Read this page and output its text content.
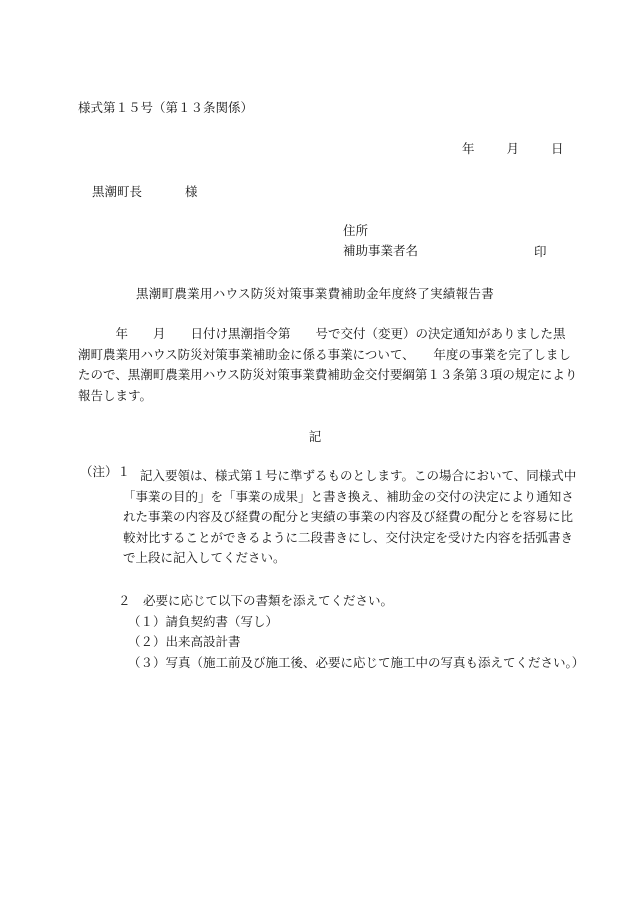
様式第１５号（第１３条関係）
年	月	日
黒潮町長	様
住所
補助事業者名	印
黒潮町農業用ハウス防災対策事業費補助金年度終了実績報告書

　　　年　　月　　日付け黒潮指令第　　号で交付（変更）の決定通知がありました黒

潮町農業用ハウス防災対策事業補助金に係る事業について、　　年度の事業を完了しまし

たので、黒潮町農業用ハウス防災対策事業費補助金交付要綱第１３条第３項の規定により

報告します。

記
（注）１ 記入要領は、様式第１号に準ずるものとします。この場合において、同様式中

「事業の目的」を「事業の成果」と書き換え、補助金の交付の決定により通知さ

れた事業の内容及び経費の配分と実績の事業の内容及び経費の配分とを容易に比

較対比することができるように二段書きにし、交付決定を受けた内容を括弧書き

で上段に記入してください。

２　必要に応じて以下の書類を添えてください。

（１）請負契約書（写し）

（２）出来高設計書

（３）写真（施工前及び施工後、必要に応じて施工中の写真も添えてください。）
